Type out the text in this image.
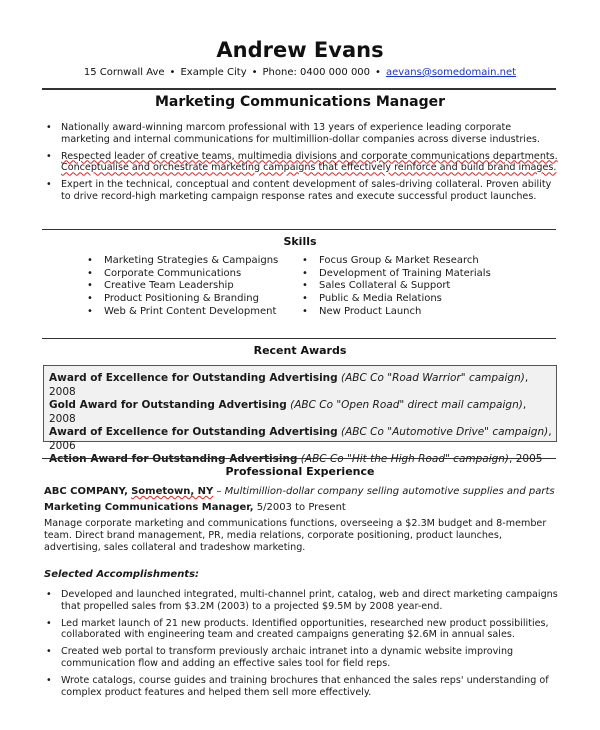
Andrew Evans
15 Cornwall Ave • Example City • Phone: 0400 000 000 • aevans@somedomain.net
Marketing Communications Manager
• Nationally award-winning marcom professional with 13 years of experience leading corporate marketing and internal communications for multimillion-dollar companies across diverse industries.
• Respected leader of creative teams, multimedia divisions and corporate communications departments. Conceptualise and orchestrate marketing campaigns that effectively reinforce and build brand images.
• Expert in the technical, conceptual and content development of sales-driving collateral. Proven ability to drive record-high marketing campaign response rates and execute successful product launches.
Skills
• Marketing Strategies & Campaigns
• Corporate Communications
• Creative Team Leadership
• Product Positioning & Branding
• Web & Print Content Development
• Focus Group & Market Research
• Development of Training Materials
• Sales Collateral & Support
• Public & Media Relations
• New Product Launch
Recent Awards
Award of Excellence for Outstanding Advertising (ABC Co "Road Warrior" campaign), 2008
Gold Award for Outstanding Advertising (ABC Co "Open Road" direct mail campaign), 2008
Award of Excellence for Outstanding Advertising (ABC Co "Automotive Drive" campaign), 2006
Action Award for Outstanding Advertising (ABC Co "Hit the High Road" campaign), 2005
Professional Experience
ABC COMPANY, Sometown, NY – Multimillion-dollar company selling automotive supplies and parts
Marketing Communications Manager, 5/2003 to Present
Manage corporate marketing and communications functions, overseeing a $2.3M budget and 8-member team. Direct brand management, PR, media relations, corporate positioning, product launches, advertising, sales collateral and tradeshow marketing.
Selected Accomplishments:
• Developed and launched integrated, multi-channel print, catalog, web and direct marketing campaigns that propelled sales from $3.2M (2003) to a projected $9.5M by 2008 year-end.
• Led market launch of 21 new products. Identified opportunities, researched new product possibilities, collaborated with engineering team and created campaigns generating $2.6M in annual sales.
• Created web portal to transform previously archaic intranet into a dynamic website improving communication flow and adding an effective sales tool for field reps.
• Wrote catalogs, course guides and training brochures that enhanced the sales reps' understanding of complex product features and helped them sell more effectively.
